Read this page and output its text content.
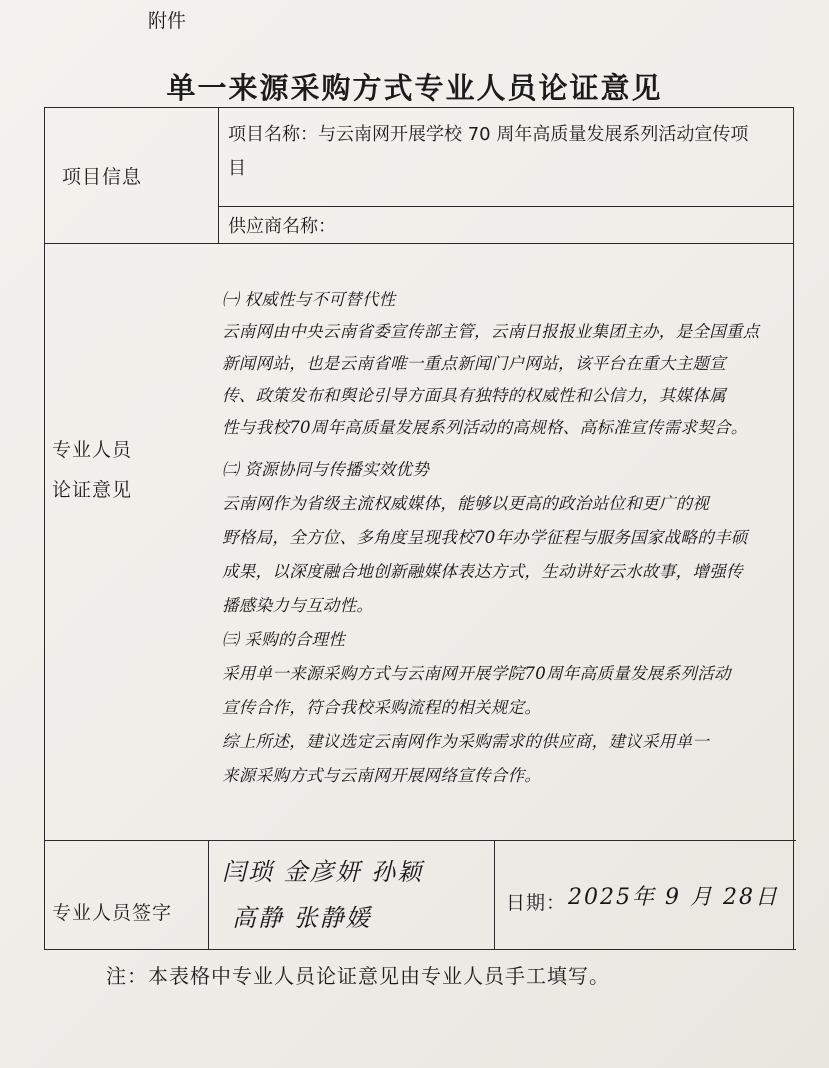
附件
单一来源采购方式专业人员论证意见
项目信息
项目名称：与云南网开展学校 70 周年高质量发展系列活动宣传项
目
供应商名称：
专业人员
论证意见
㈠ 权威性与不可替代性
云南网由中央云南省委宣传部主管，云南日报报业集团主办，是全国重点
新闻网站，也是云南省唯一重点新闻门户网站，该平台在重大主题宣
传、政策发布和舆论引导方面具有独特的权威性和公信力，其媒体属
性与我校70周年高质量发展系列活动的高规格、高标准宣传需求契合。
㈡ 资源协同与传播实效优势
云南网作为省级主流权威媒体，能够以更高的政治站位和更广的视
野格局，全方位、多角度呈现我校70年办学征程与服务国家战略的丰硕
成果，以深度融合地创新融媒体表达方式，生动讲好云水故事，增强传
播感染力与互动性。
㈢ 采购的合理性
采用单一来源采购方式与云南网开展学院70周年高质量发展系列活动
宣传合作，符合我校采购流程的相关规定。
综上所述，建议选定云南网作为采购需求的供应商，建议采用单一
来源采购方式与云南网开展网络宣传合作。
专业人员签字
闫琐 金彦妍 孙颖
高静 张静媛
日期： 2025年 9 月 28日
注：本表格中专业人员论证意见由专业人员手工填写。
